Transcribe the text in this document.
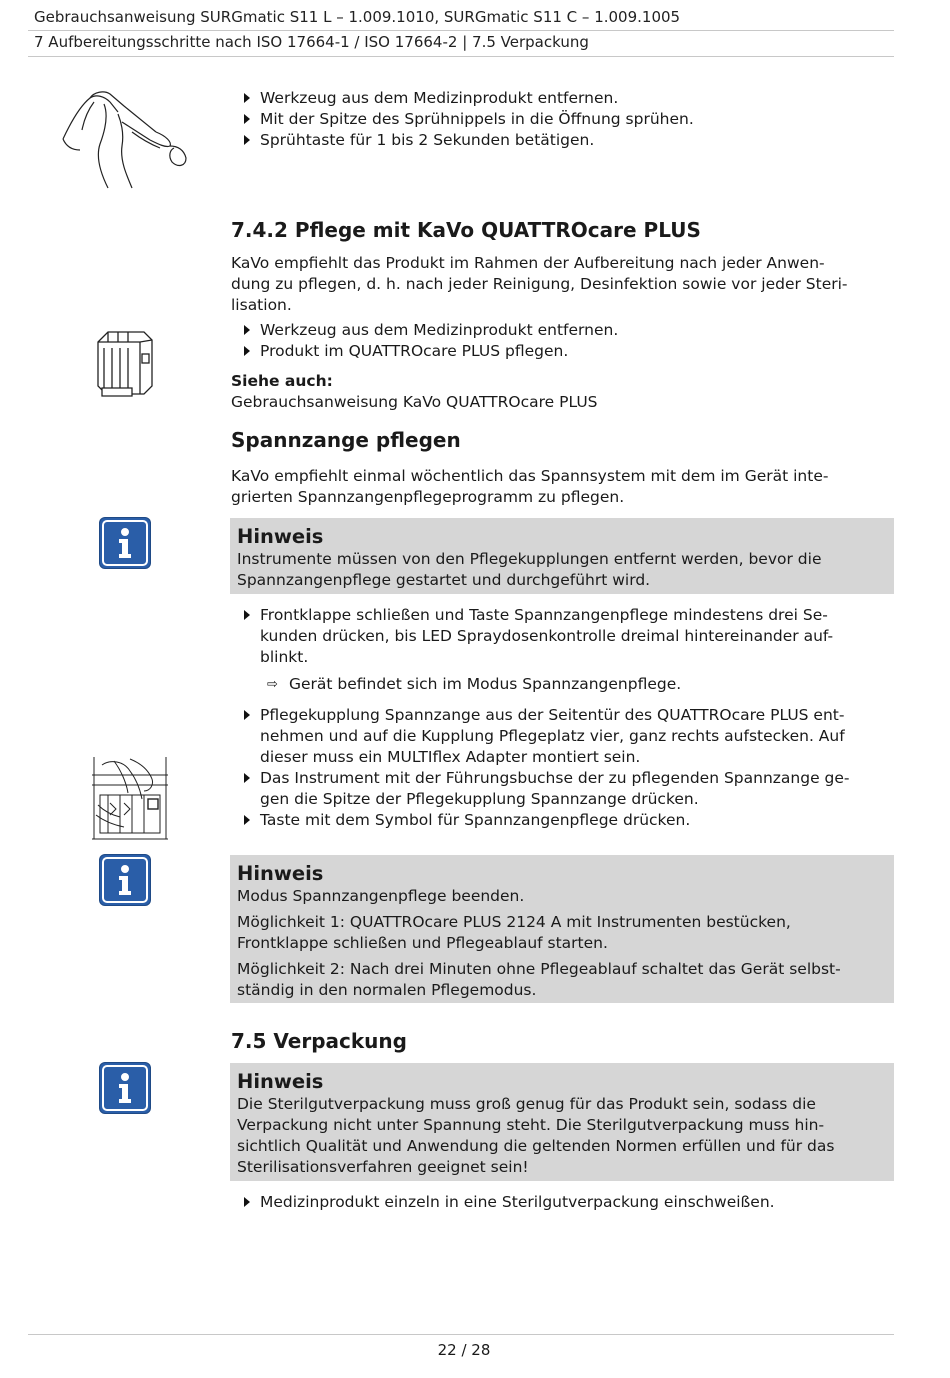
Gebrauchsanweisung SURGmatic S11 L – 1.009.1010, SURGmatic S11 C – 1.009.1005
7 Aufbereitungsschritte nach ISO 17664-1 / ISO 17664-2 | 7.5 Verpackung
Werkzeug aus dem Medizinprodukt entfernen.
Mit der Spitze des Sprühnippels in die Öffnung sprühen.
Sprühtaste für 1 bis 2 Sekunden betätigen.
7.4.2 Pflege mit KaVo QUATTROcare PLUS
KaVo empfiehlt das Produkt im Rahmen der Aufbereitung nach jeder Anwen-
dung zu pflegen, d. h. nach jeder Reinigung, Desinfektion sowie vor jeder Steri-
lisation.
Werkzeug aus dem Medizinprodukt entfernen.
Produkt im QUATTROcare PLUS pflegen.
Siehe auch:
Gebrauchsanweisung KaVo QUATTROcare PLUS
Spannzange pflegen
KaVo empfiehlt einmal wöchentlich das Spannsystem mit dem im Gerät inte-
grierten Spannzangenpflegeprogramm zu pflegen.
Hinweis
Instrumente müssen von den Pflegekupplungen entfernt werden, bevor die
Spannzangenpflege gestartet und durchgeführt wird.
Frontklappe schließen und Taste Spannzangenpflege mindestens drei Se-
kunden drücken, bis LED Spraydosenkontrolle dreimal hintereinander auf-
blinkt.
⇨ Gerät befindet sich im Modus Spannzangenpflege.
Pflegekupplung Spannzange aus der Seitentür des QUATTROcare PLUS ent-
nehmen und auf die Kupplung Pflegeplatz vier, ganz rechts aufstecken. Auf
dieser muss ein MULTIflex Adapter montiert sein.
Das Instrument mit der Führungsbuchse der zu pflegenden Spannzange ge-
gen die Spitze der Pflegekupplung Spannzange drücken.
Taste mit dem Symbol für Spannzangenpflege drücken.
Hinweis
Modus Spannzangenpflege beenden.
Möglichkeit 1: QUATTROcare PLUS 2124 A mit Instrumenten bestücken,
Frontklappe schließen und Pflegeablauf starten.
Möglichkeit 2: Nach drei Minuten ohne Pflegeablauf schaltet das Gerät selbst-
ständig in den normalen Pflegemodus.
7.5 Verpackung
Hinweis
Die Sterilgutverpackung muss groß genug für das Produkt sein, sodass die
Verpackung nicht unter Spannung steht. Die Sterilgutverpackung muss hin-
sichtlich Qualität und Anwendung die geltenden Normen erfüllen und für das
Sterilisationsverfahren geeignet sein!
Medizinprodukt einzeln in eine Sterilgutverpackung einschweißen.
22 / 28
